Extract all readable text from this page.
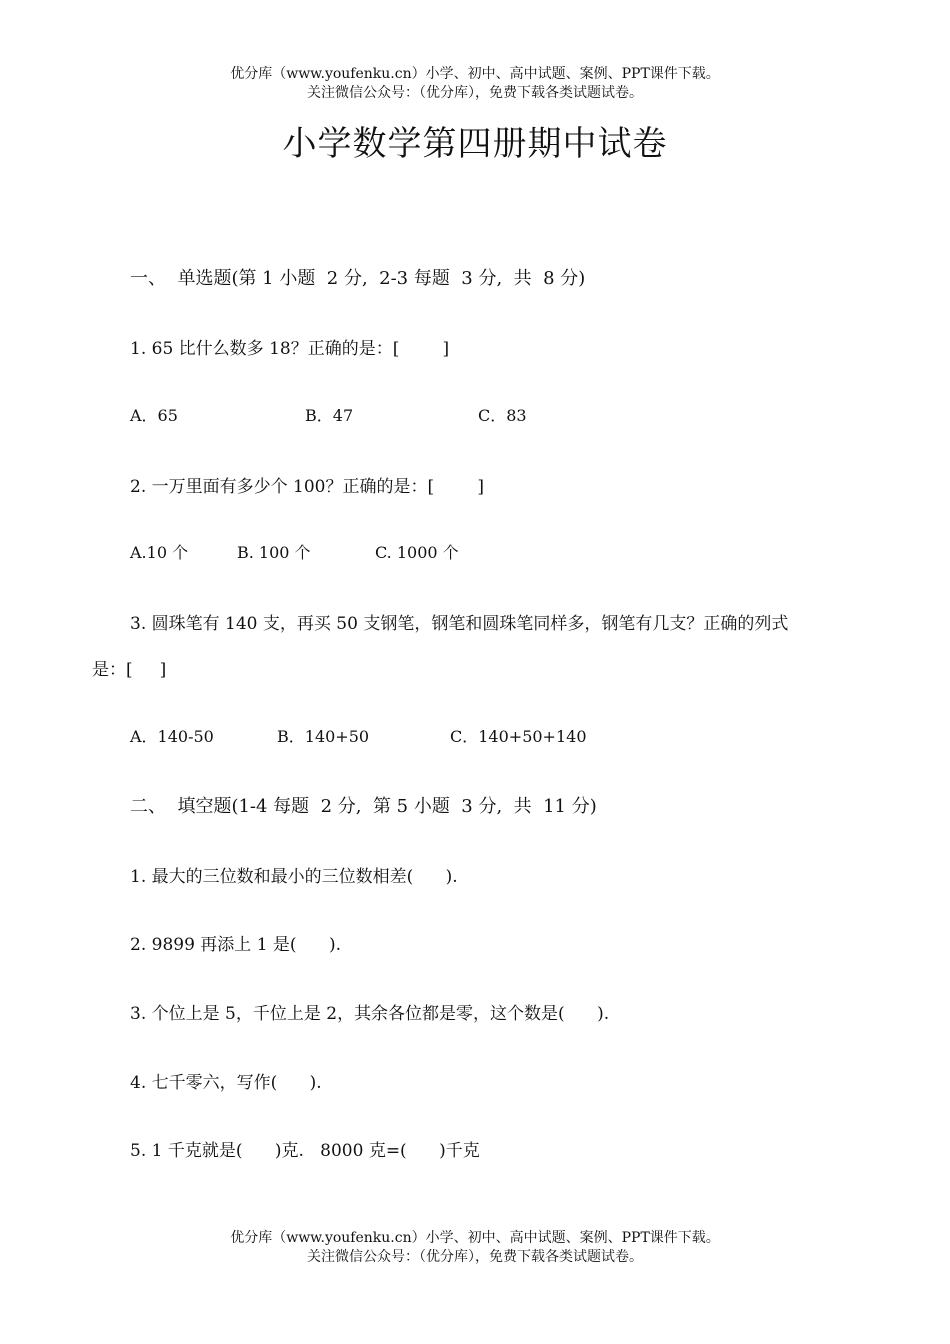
优分库（www.youfenku.cn）小学、初中、高中试题、案例、PPT课件下载。
关注微信公众号：（优分库），免费下载各类试题试卷。
小学数学第四册期中试卷
一、  单选题(第 1 小题  2 分,  2-3 每题  3 分,  共  8 分)
1. 65 比什么数多 18？正确的是：[        ]
A．65	B．47	C．83
2. 一万里面有多少个 100？正确的是：[        ]
A.10 个	B. 100 个	C. 1000 个
3. 圆珠笔有 140 支，再买 50 支钢笔，钢笔和圆珠笔同样多，钢笔有几支？正确的列式
是：[     ]
A．140-50	B．140+50	C．140+50+140
二、  填空题(1-4 每题  2 分,  第 5 小题  3 分,  共  11 分)
1. 最大的三位数和最小的三位数相差(      ).
2. 9899 再添上 1 是(      ).
3. 个位上是 5，千位上是 2，其余各位都是零，这个数是(      ).
4. 七千零六，写作(      ).
5. 1 千克就是(      )克.   8000 克=(      )千克
优分库（www.youfenku.cn）小学、初中、高中试题、案例、PPT课件下载。
关注微信公众号：（优分库），免费下载各类试题试卷。
